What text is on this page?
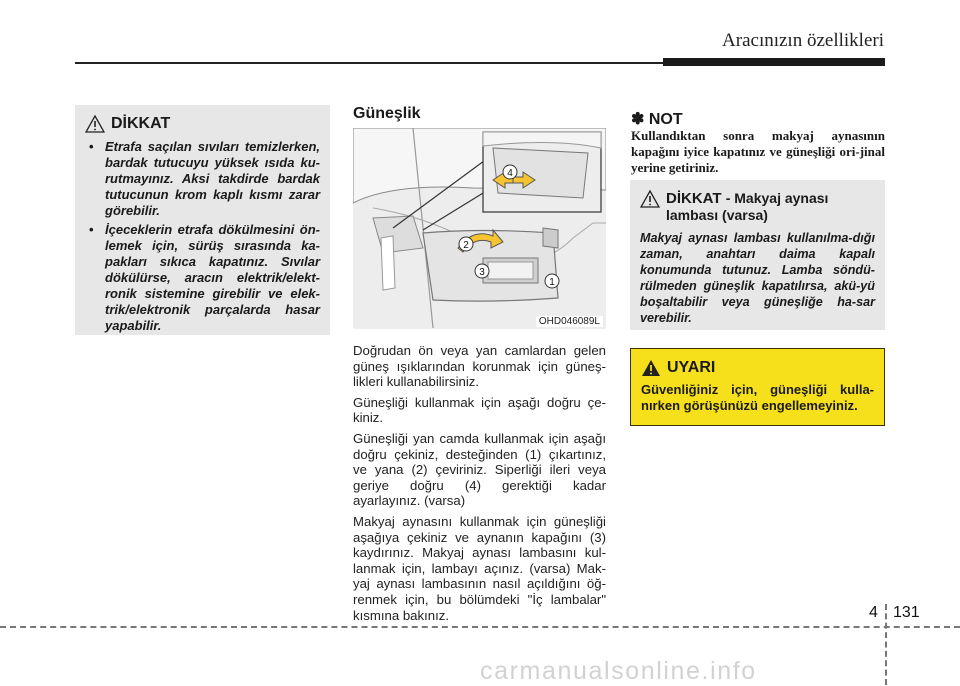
Aracınızın özellikleri
DİKKAT
• Etrafa saçılan sıvıları temizlerken, bardak tutucuyu yüksek ısıda ku-rutmayınız. Aksi takdirde bardak tutucunun krom kaplı kısmı zarar görebilir.
• İçeceklerin etrafa dökülmesini ön-lemek için, sürüş sırasında ka-pakları sıkıca kapatınız. Sıvılar dökülürse, aracın elektrik/elekt-ronik sistemine girebilir ve elek-trik/elektronik parçalarda hasar yapabilir.
Güneşlik
4
2
3
1
OHD046089L

Doğrudan ön veya yan camlardan gelen güneş ışıklarından korunmak için güneş-likleri kullanabilirsiniz.

Güneşliği kullanmak için aşağı doğru çe-kiniz.

Güneşliği yan camda kullanmak için aşağı doğru çekiniz, desteğinden (1) çıkartınız, ve yana (2) çeviriniz. Siperliği ileri veya geriye doğru (4) gerektiği kadar ayarlayınız. (varsa)

Makyaj aynasını kullanmak için güneşliği aşağıya çekiniz ve aynanın kapağını (3) kaydırınız. Makyaj aynası lambasını kul-lanmak için, lambayı açınız. (varsa) Mak-yaj aynası lambasının nasıl açıldığını öğ-renmek için, bu bölümdeki "İç lambalar" kısmına bakınız.

✽ NOT
Kullandıktan sonra makyaj aynasının kapağını iyice kapatınız ve güneşliği ori-jinal yerine getiriniz.
DİKKAT - Makyaj aynası lambası (varsa)
Makyaj aynası lambası kullanılma-dığı zaman, anahtarı daima kapalı konumunda tutunuz. Lamba söndü-rülmeden güneşlik kapatılırsa, akü-yü boşaltabilir veya güneşliğe ha-sar verebilir.
UYARI
Güvenliğiniz için, güneşliği kulla-nırken görüşünüzü engellemeyiniz.
4 131
carmanualsonline.info
